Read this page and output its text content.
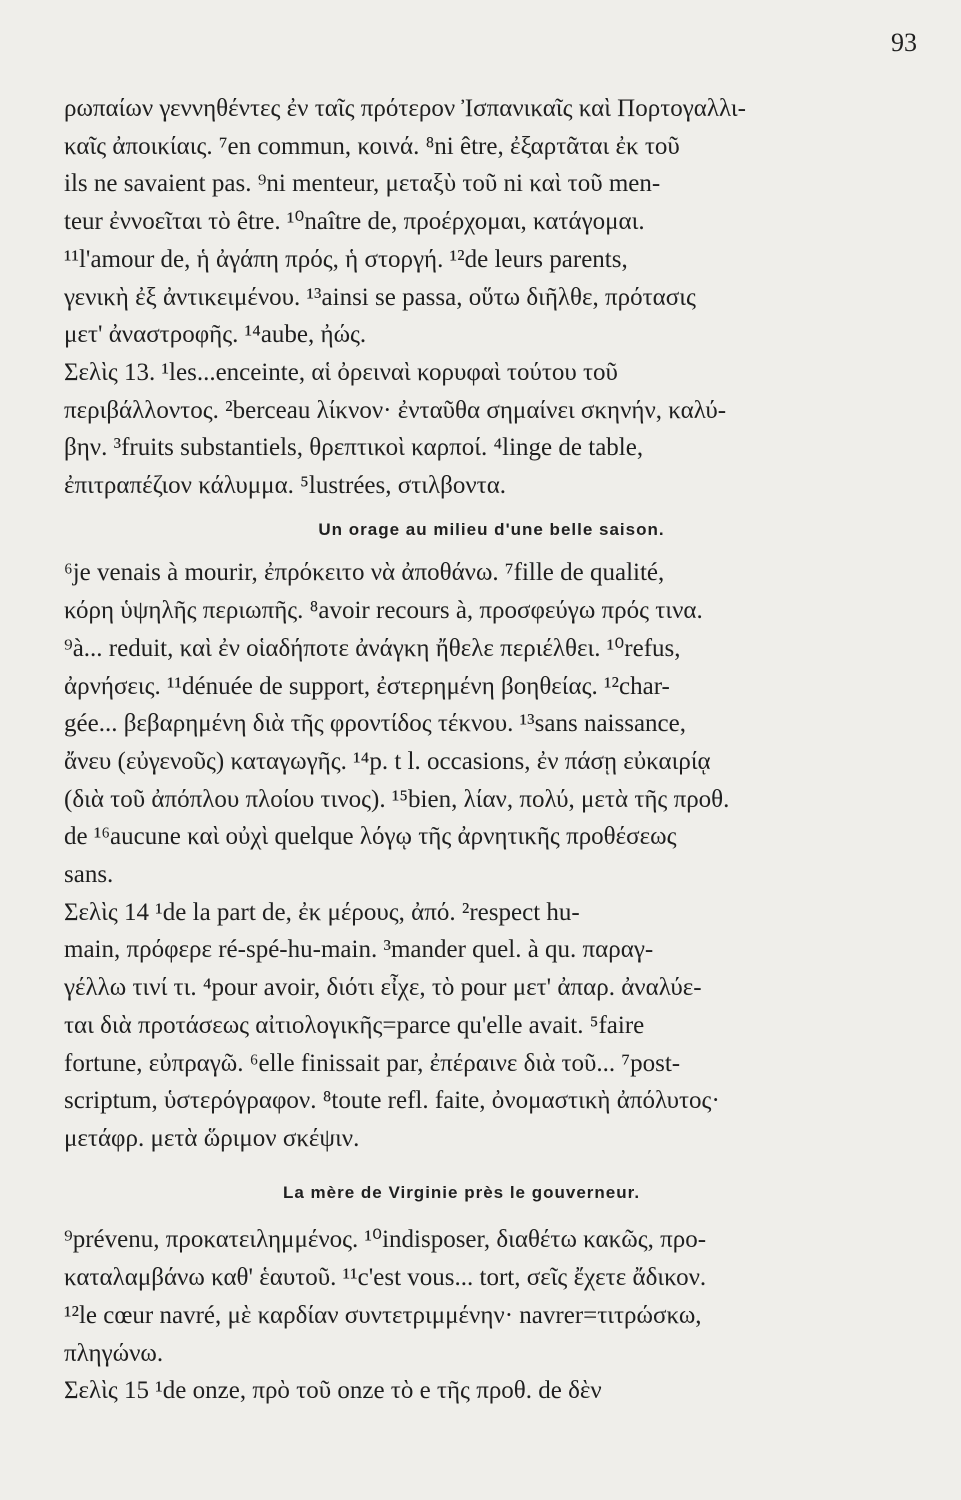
93
ρωπαίων γεννηθέντες ἐν ταῖς πρότερον Ἰσπανικαῖς καὶ Πορτογαλλι-
καῖς ἀποικίαις. ⁷en commun, κοινά. ⁸ni être, ἐξαρτᾶται ἐκ τοῦ
ils ne savaient pas. ⁹ni menteur, μεταξὺ τοῦ ni καὶ τοῦ men-
teur ἐννοεῖται τὸ être. ¹⁰naître de, προέρχομαι, κατάγομαι.
¹¹l'amour de, ἡ ἀγάπη πρός, ἡ στοργή. ¹²de leurs parents,
γενικὴ ἐξ ἀντικειμένου. ¹³ainsi se passa, οὕτω διῆλθε, πρότασις
μετ' ἀναστροφῆς. ¹⁴aube, ἠώς.
Σελὶς 13. ¹les...enceinte, αἱ ὀρειναὶ κορυφαὶ τούτου τοῦ
περιβάλλοντος. ²berceau λίκνον· ἐνταῦθα σημαίνει σκηνήν, καλύ-
βην. ³fruits substantiels, θρεπτικοὶ καρποί. ⁴linge de table,
ἐπιτραπέζιον κάλυμμα. ⁵lustrées, στιλβοντα.
Un orage au milieu d'une belle saison.
⁶je venais à mourir, ἐπρόκειτο νὰ ἀποθάνω. ⁷fille de qualité,
κόρη ὑψηλῆς περιωπῆς. ⁸avoir recours à, προσφεύγω πρός τινα.
⁹à... reduit, καὶ ἐν οἱαδήποτε ἀνάγκη ἤθελε περιέλθει. ¹⁰refus,
ἀρνήσεις. ¹¹dénuée de support, ἐστερημένη βοηθείας. ¹²char-
gée... βεβαρημένη διὰ τῆς φροντίδος τέκνου. ¹³sans naissance,
ἄνευ (εὐγενοῦς) καταγωγῆς. ¹⁴p. t l. occasions, ἐν πάσῃ εὐκαιρίᾳ
(διὰ τοῦ ἀπόπλου πλοίου τινος). ¹⁵bien, λίαν, πολύ, μετὰ τῆς προθ.
de ¹⁶aucune καὶ οὐχὶ quelque λόγῳ τῆς ἀρνητικῆς προθέσεως
sans.
Σελὶς 14 ¹de la part de, ἐκ μέρους, ἀπό. ²respect hu-
main, πρόφερε ré-spé-hu-main. ³mander quel. à qu. παραγ-
γέλλω τινί τι. ⁴pour avoir, διότι εἶχε, τὸ pour μετ' ἀπαρ. ἀναλύε-
ται διὰ προτάσεως αἰτιολογικῆς=parce qu'elle avait. ⁵faire
fortune, εὐπραγῶ. ⁶elle finissait par, ἐπέραινε διὰ τοῦ... ⁷post-
scriptum, ὑστερόγραφον. ⁸toute refl. faite, ὀνομαστικὴ ἀπόλυτος·
μετάφρ. μετὰ ὥριμον σκέψιν.
La mère de Virginie près le gouverneur.
⁹prévenu, προκατειλημμένος. ¹⁰indisposer, διαθέτω κακῶς, προ-
καταλαμβάνω καθ' ἑαυτοῦ. ¹¹c'est vous... tort, σεῖς ἔχετε ἄδικον.
¹²le cœur navré, μὲ καρδίαν συντετριμμένην· navrer=τιτρώσκω,
πληγώνω.
Σελὶς 15 ¹de onze, πρὸ τοῦ onze τὸ e τῆς προθ. de δὲν
